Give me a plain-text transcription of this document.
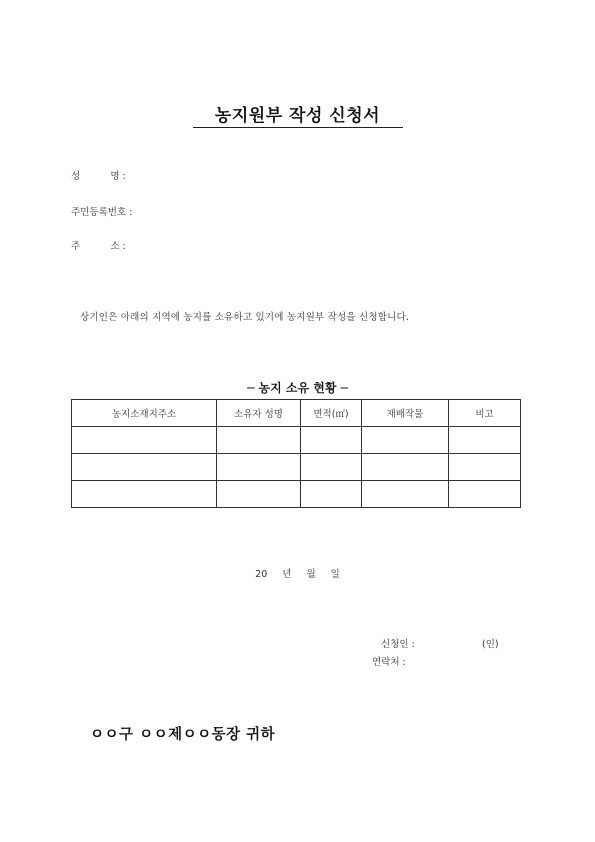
농지원부 작성 신청서
성          명 :
주민등록번호 :
주          소 :
상기인은 아래의 지역에 농지를 소유하고 있기에 농지원부 작성을 신청합니다.
─ 농지 소유 현황 ─
농지소재지주소	소유자 성명	면적(㎡)	재배작물	비고

20 년 월 일
신청인 :	(인)
연락처 :
ㅇㅇ구 ㅇㅇ제ㅇㅇ동장 귀하
